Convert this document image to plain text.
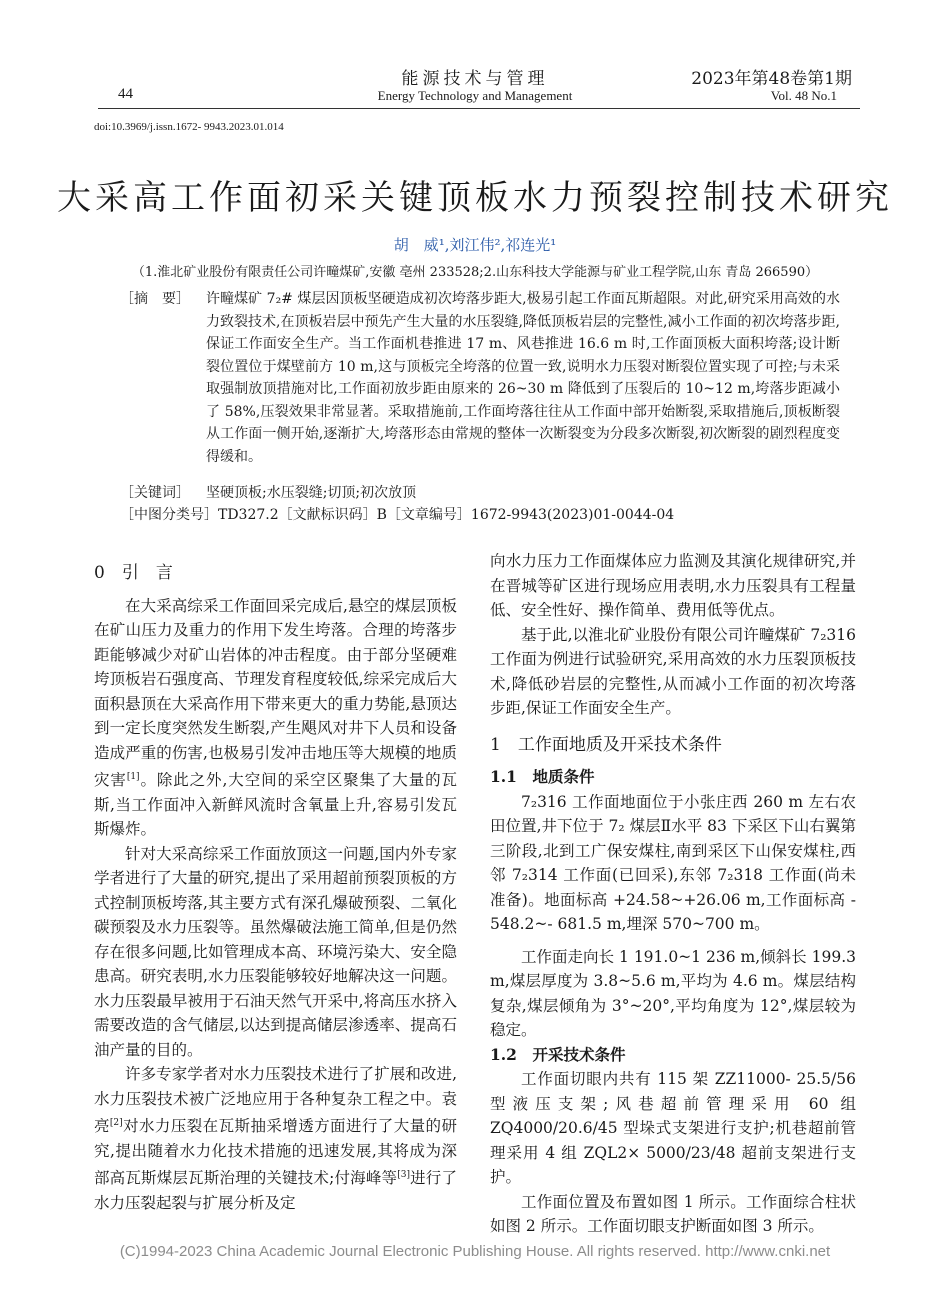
能源技术与管理
Energy Technology and Management
44
2023年第48卷第1期
Vol. 48 No.1
doi:10.3969/j.issn.1672- 9943.2023.01.014
大采高工作面初采关键顶板水力预裂控制技术研究
胡　威¹,刘江伟²,祁连光¹
（1.淮北矿业股份有限责任公司许疃煤矿,安徽 亳州 233528;2.山东科技大学能源与矿业工程学院,山东 青岛 266590）
［摘　要］	许疃煤矿 7₂# 煤层因顶板坚硬造成初次垮落步距大,极易引起工作面瓦斯超限。对此,研究采用高效的水力致裂技术,在顶板岩层中预先产生大量的水压裂缝,降低顶板岩层的完整性,减小工作面的初次垮落步距,保证工作面安全生产。当工作面机巷推进 17 m、风巷推进 16.6 m 时,工作面顶板大面积垮落;设计断裂位置位于煤壁前方 10 m,这与顶板完全垮落的位置一致,说明水力压裂对断裂位置实现了可控;与未采取强制放顶措施对比,工作面初放步距由原来的 26~30 m 降低到了压裂后的 10~12 m,垮落步距减小了 58%,压裂效果非常显著。采取措施前,工作面垮落往往从工作面中部开始断裂,采取措施后,顶板断裂从工作面一侧开始,逐渐扩大,垮落形态由常规的整体一次断裂变为分段多次断裂,初次断裂的剧烈程度变得缓和。
［关键词］	坚硬顶板;水压裂缝;切顶;初次放顶
［中图分类号］TD327.2［文献标识码］B［文章编号］1672-9943(2023)01-0044-04
0　引　言

在大采高综采工作面回采完成后,悬空的煤层顶板在矿山压力及重力的作用下发生垮落。合理的垮落步距能够减少对矿山岩体的冲击程度。由于部分坚硬难垮顶板岩石强度高、节理发育程度较低,综采完成后大面积悬顶在大采高作用下带来更大的重力势能,悬顶达到一定长度突然发生断裂,产生飓风对井下人员和设备造成严重的伤害,也极易引发冲击地压等大规模的地质灾害[1]。除此之外,大空间的采空区聚集了大量的瓦斯,当工作面冲入新鲜风流时含氧量上升,容易引发瓦斯爆炸。

针对大采高综采工作面放顶这一问题,国内外专家学者进行了大量的研究,提出了采用超前预裂顶板的方式控制顶板垮落,其主要方式有深孔爆破预裂、二氧化碳预裂及水力压裂等。虽然爆破法施工简单,但是仍然存在很多问题,比如管理成本高、环境污染大、安全隐患高。研究表明,水力压裂能够较好地解决这一问题。水力压裂最早被用于石油天然气开采中,将高压水挤入需要改造的含气储层,以达到提高储层渗透率、提高石油产量的目的。

许多专家学者对水力压裂技术进行了扩展和改进,水力压裂技术被广泛地应用于各种复杂工程之中。袁亮[2]对水力压裂在瓦斯抽采增透方面进行了大量的研究,提出随着水力化技术措施的迅速发展,其将成为深部高瓦斯煤层瓦斯治理的关键技术;付海峰等[3]进行了水力压裂起裂与扩展分析及定

向水力压力工作面煤体应力监测及其演化规律研究,并在晋城等矿区进行现场应用表明,水力压裂具有工程量低、安全性好、操作简单、费用低等优点。

基于此,以淮北矿业股份有限公司许疃煤矿 7₂316 工作面为例进行试验研究,采用高效的水力压裂顶板技术,降低砂岩层的完整性,从而减小工作面的初次垮落步距,保证工作面安全生产。

1　工作面地质及开采技术条件
1.1　地质条件

7₂316 工作面地面位于小张庄西 260 m 左右农田位置,井下位于 7₂ 煤层Ⅱ水平 83 下采区下山右翼第三阶段,北到工广保安煤柱,南到采区下山保安煤柱,西邻 7₂314 工作面(已回采),东邻 7₂318 工作面(尚未准备)。地面标高 +24.58~+26.06 m,工作面标高 - 548.2~- 681.5 m,埋深 570~700 m。

工作面走向长 1 191.0~1 236 m,倾斜长 199.3 m,煤层厚度为 3.8~5.6 m,平均为 4.6 m。煤层结构复杂,煤层倾角为 3°~20°,平均角度为 12°,煤层较为稳定。

1.2　开采技术条件

工作面切眼内共有 115 架 ZZ11000- 25.5/56 型液压支架;风巷超前管理采用 60 组 ZQ4000/20.6/45 型垛式支架进行支护;机巷超前管理采用 4 组 ZQL2× 5000/23/48 超前支架进行支护。

工作面位置及布置如图 1 所示。工作面综合柱状如图 2 所示。工作面切眼支护断面如图 3 所示。

(C)1994-2023 China Academic Journal Electronic Publishing House. All rights reserved. http://www.cnki.net
